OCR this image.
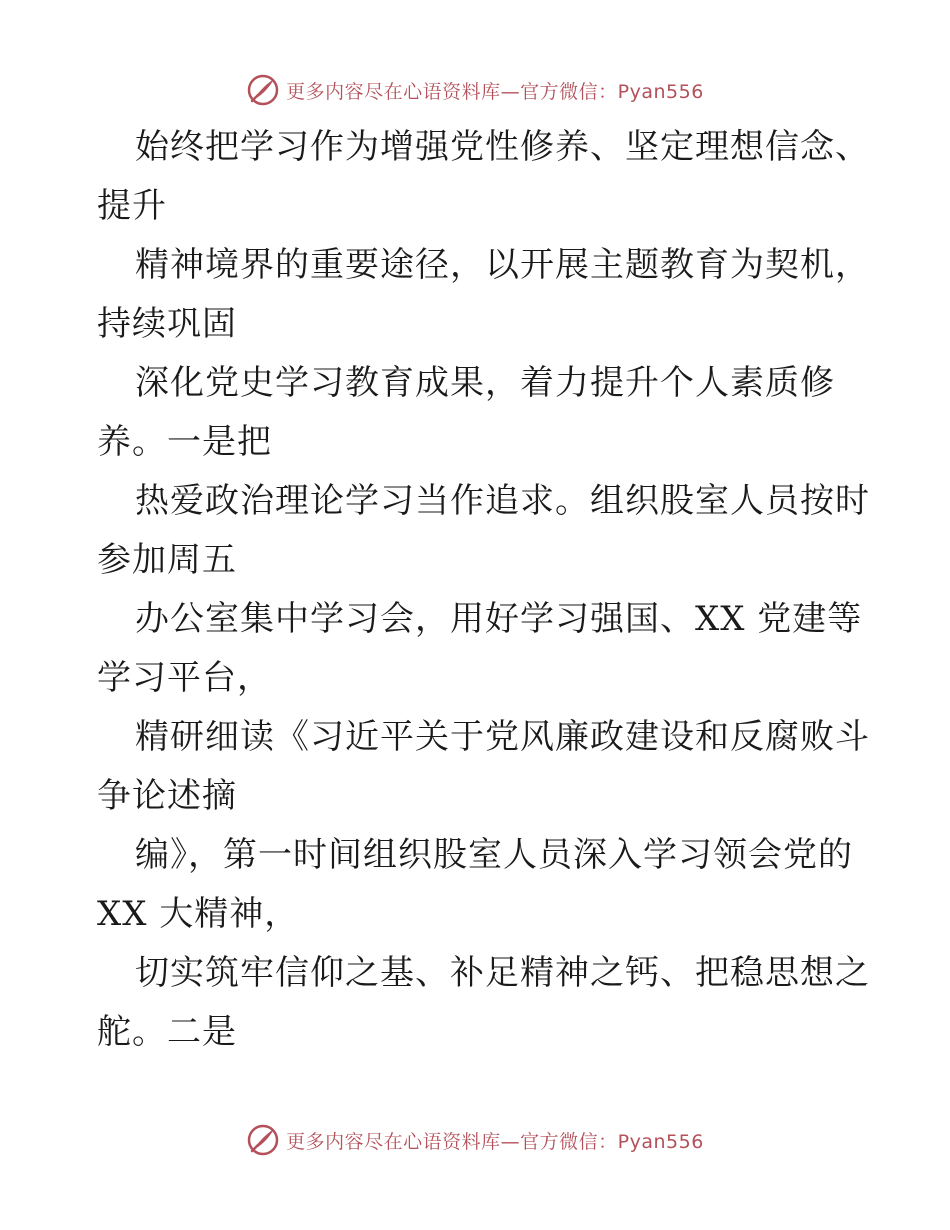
更多内容尽在心语资料库—官方微信：Pyan556
始终把学习作为增强党性修养、坚定理想信念、
提升
精神境界的重要途径，以开展主题教育为契机，
持续巩固
深化党史学习教育成果，着力提升个人素质修
养。一是把
热爱政治理论学习当作追求。组织股室人员按时
参加周五
办公室集中学习会，用好学习强国、XX 党建等
学习平台，
精研细读《习近平关于党风廉政建设和反腐败斗
争论述摘
编》，第一时间组织股室人员深入学习领会党的
XX 大精神，
切实筑牢信仰之基、补足精神之钙、把稳思想之
舵。二是
更多内容尽在心语资料库—官方微信：Pyan556
